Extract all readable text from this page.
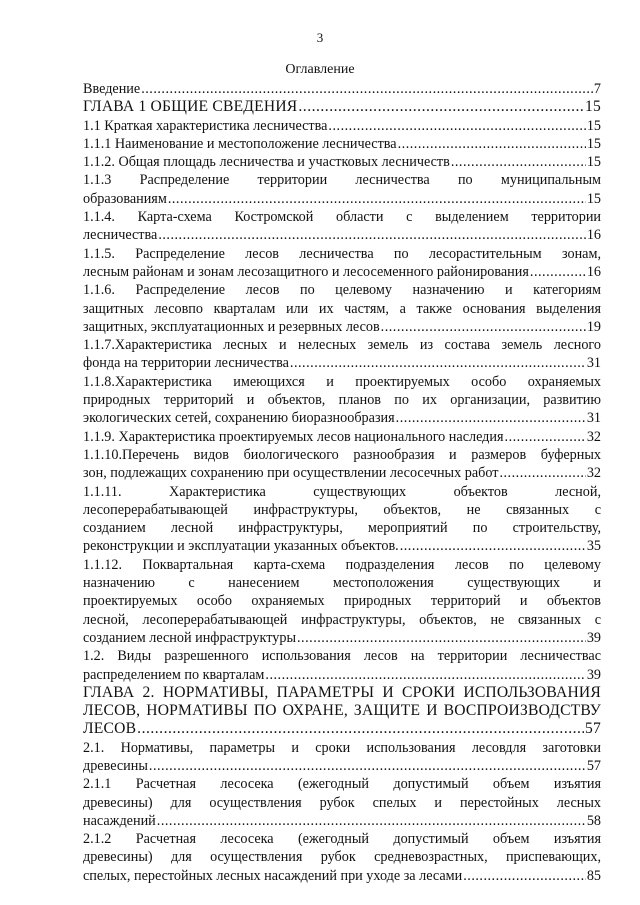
3
Оглавление
Введение .....	7
ГЛАВА 1 ОБЩИЕ СВЕДЕНИЯ .....	15
1.1 Краткая характеристика лесничества .....	15
1.1.1 Наименование и местоположение лесничества .....	15
1.1.2. Общая площадь лесничества и участковых лесничеств .....	15
1.1.3 Распределение территории лесничества по муниципальным
образованиям .....	15
1.1.4. Карта-схема Костромской области с выделением территории
лесничества .....	16
1.1.5. Распределение лесов лесничества по лесорастительным зонам,
лесным районам и зонам лесозащитного и лесосеменного районирования .....	16
1.1.6. Распределение лесов по целевому назначению и категориям
защитных лесовпо кварталам или их частям, а также основания выделения
защитных, эксплуатационных и резервных лесов .....	19
1.1.7.Характеристика лесных и нелесных земель из состава земель лесного
фонда на территории лесничества .....	31
1.1.8.Характеристика имеющихся и проектируемых особо охраняемых
природных территорий и объектов, планов по их организации, развитию
экологических сетей, сохранению биоразнообразия .....	31
1.1.9. Характеристика проектируемых лесов национального наследия .....	32
1.1.10.Перечень видов биологического разнообразия и размеров буферных
зон, подлежащих сохранению при осуществлении лесосечных работ .....	32
1.1.11. Характеристика существующих объектов лесной,
лесоперерабатывающей инфраструктуры, объектов, не связанных с
созданием лесной инфраструктуры, мероприятий по строительству,
реконструкции и эксплуатации указанных объектов. .....	35
1.1.12. Поквартальная карта-схема подразделения лесов по целевому
назначению с нанесением местоположения существующих и
проектируемых особо охраняемых природных территорий и объектов
лесной, лесоперерабатывающей инфраструктуры, объектов, не связанных с
созданием лесной инфраструктуры .....	39
1.2. Виды разрешенного использования лесов на территории лесничествас
распределением по кварталам .....	39
ГЛАВА 2. НОРМАТИВЫ, ПАРАМЕТРЫ И СРОКИ ИСПОЛЬЗОВАНИЯ
ЛЕСОВ, НОРМАТИВЫ ПО ОХРАНЕ, ЗАЩИТЕ И ВОСПРОИЗВОДСТВУ
ЛЕСОВ .....	57
2.1. Нормативы, параметры и сроки использования лесовдля заготовки
древесины .....	57
2.1.1 Расчетная лесосека (ежегодный допустимый объем изъятия
древесины) для осуществления рубок спелых и перестойных лесных
насаждений .....	58
2.1.2 Расчетная лесосека (ежегодный допустимый объем изъятия
древесины) для осуществления рубок средневозрастных, приспевающих,
спелых, перестойных лесных насаждений при уходе за лесами .....	85
